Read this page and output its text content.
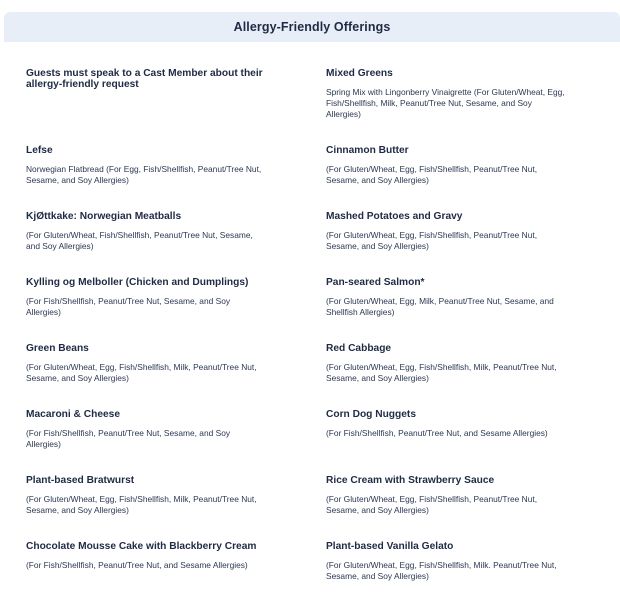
Allergy-Friendly Offerings

Guests must speak to a Cast Member about their allergy-friendly request

Lefse

Norwegian Flatbread (For Egg, Fish/Shellfish, Peanut/Tree Nut, Sesame, and Soy Allergies)

KjØttkake: Norwegian Meatballs

(For Gluten/Wheat, Fish/Shellfish, Peanut/Tree Nut, Sesame, and Soy Allergies)

Kylling og Melboller (Chicken and Dumplings)

(For Fish/Shellfish, Peanut/Tree Nut, Sesame, and Soy Allergies)

Green Beans

(For Gluten/Wheat, Egg, Fish/Shellfish, Milk, Peanut/Tree Nut, Sesame, and Soy Allergies)

Macaroni & Cheese

(For Fish/Shellfish, Peanut/Tree Nut, Sesame, and Soy Allergies)

Plant-based Bratwurst

(For Gluten/Wheat, Egg, Fish/Shellfish, Milk, Peanut/Tree Nut, Sesame, and Soy Allergies)

Chocolate Mousse Cake with Blackberry Cream

(For Fish/Shellfish, Peanut/Tree Nut, and Sesame Allergies)

Mixed Greens

Spring Mix with Lingonberry Vinaigrette (For Gluten/Wheat, Egg, Fish/Shellfish, Milk, Peanut/Tree Nut, Sesame, and Soy Allergies)

Cinnamon Butter

(For Gluten/Wheat, Egg, Fish/Shellfish, Peanut/Tree Nut, Sesame, and Soy Allergies)

Mashed Potatoes and Gravy

(For Gluten/Wheat, Egg, Fish/Shellfish, Peanut/Tree Nut, Sesame, and Soy Allergies)

Pan-seared Salmon*

(For Gluten/Wheat, Egg, Milk, Peanut/Tree Nut, Sesame, and Shellfish Allergies)

Red Cabbage

(For Gluten/Wheat, Egg, Fish/Shellfish, Milk, Peanut/Tree Nut, Sesame, and Soy Allergies)

Corn Dog Nuggets

(For Fish/Shellfish, Peanut/Tree Nut, and Sesame Allergies)

Rice Cream with Strawberry Sauce

(For Gluten/Wheat, Egg, Fish/Shellfish, Peanut/Tree Nut, Sesame, and Soy Allergies)

Plant-based Vanilla Gelato

(For Gluten/Wheat, Egg, Fish/Shellfish, Milk. Peanut/Tree Nut, Sesame, and Soy Allergies)
